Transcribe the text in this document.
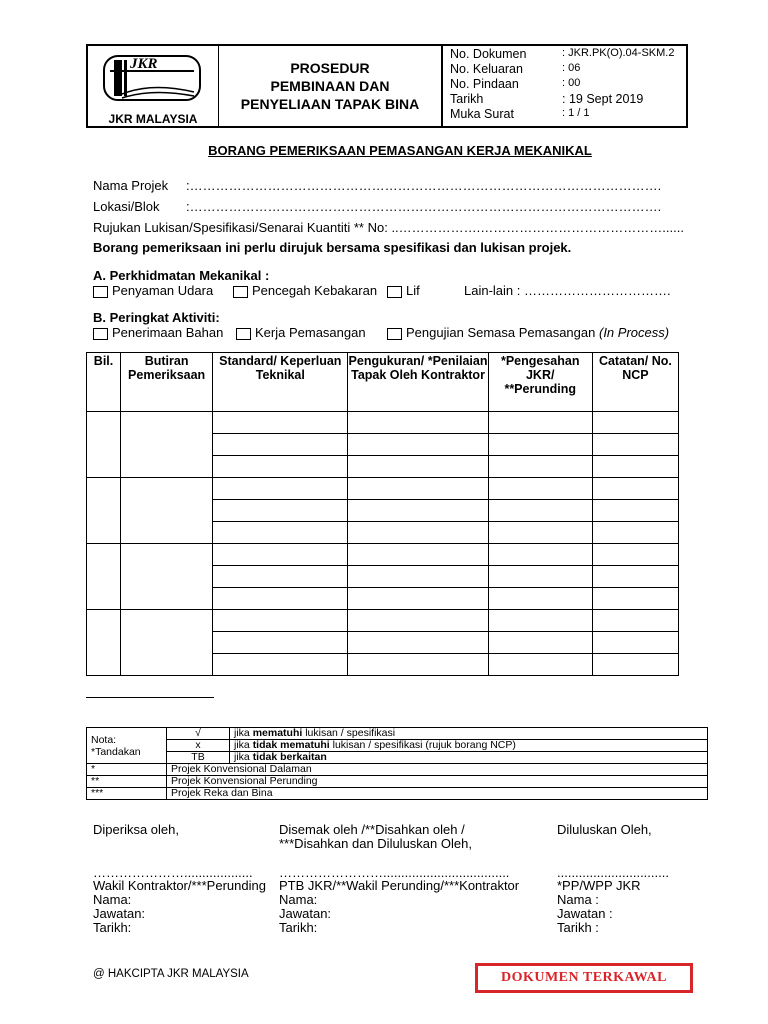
JKR
JKR MALAYSIA
PROSEDUR
PEMBINAAN DAN
PENYELIAAN TAPAK BINA
No. Dokumen	: JKR.PK(O).04-SKM.2
No. Keluaran	: 06
No. Pindaan	: 00
Tarikh	: 19 Sept 2019
Muka Surat	: 1 / 1
BORANG PEMERIKSAAN PEMASANGAN KERJA MEKANIKAL
Nama Projek :……………………………………………………………………………………………….
Lokasi/Blok :……………………………………………………………………………………………….
Rujukan Lukisan/Spesifikasi/Senarai Kuantiti ** No: ..……………….……………………………………......
Borang pemeriksaan ini perlu dirujuk bersama spesifikasi dan lukisan projek.
A. Perkhidmatan Mekanikal :
Penyaman Udara	Pencegah Kebakaran	Lif	Lain-lain : …………………………….
B. Peringkat Aktiviti:
Penerimaan Bahan	Kerja Pemasangan	Pengujian Semasa Pemasangan (In Process)
Bil.	Butiran Pemeriksaan	Standard/ Keperluan Teknikal	Pengukuran/ *Penilaian Tapak Oleh Kontraktor	*Pengesahan JKR/ **Perunding	Catatan/ No. NCP

Nota:
*Tandakan	√	jika mematuhi lukisan / spesifikasi
	x	jika tidak mematuhi lukisan / spesifikasi (rujuk borang NCP)
	TB	jika tidak berkaitan
*	Projek Konvensional Dalaman	
**	Projek Konvensional Perunding	
***	Projek Reka dan Bina	
Diperiksa oleh,
…………………...................
Wakil Kontraktor/***Perunding
Nama:
Jawatan:
Tarikh:
Disemak oleh /**Disahkan oleh /
***Disahkan dan Diluluskan Oleh,
……………………...................................
PTB JKR/**Wakil Perunding/***Kontraktor
Nama:
Jawatan:
Tarikh:
Diluluskan Oleh,
...............................
*PP/WPP JKR
Nama :
Jawatan :
Tarikh :
@ HAKCIPTA JKR MALAYSIA	DOKUMEN TERKAWAL
